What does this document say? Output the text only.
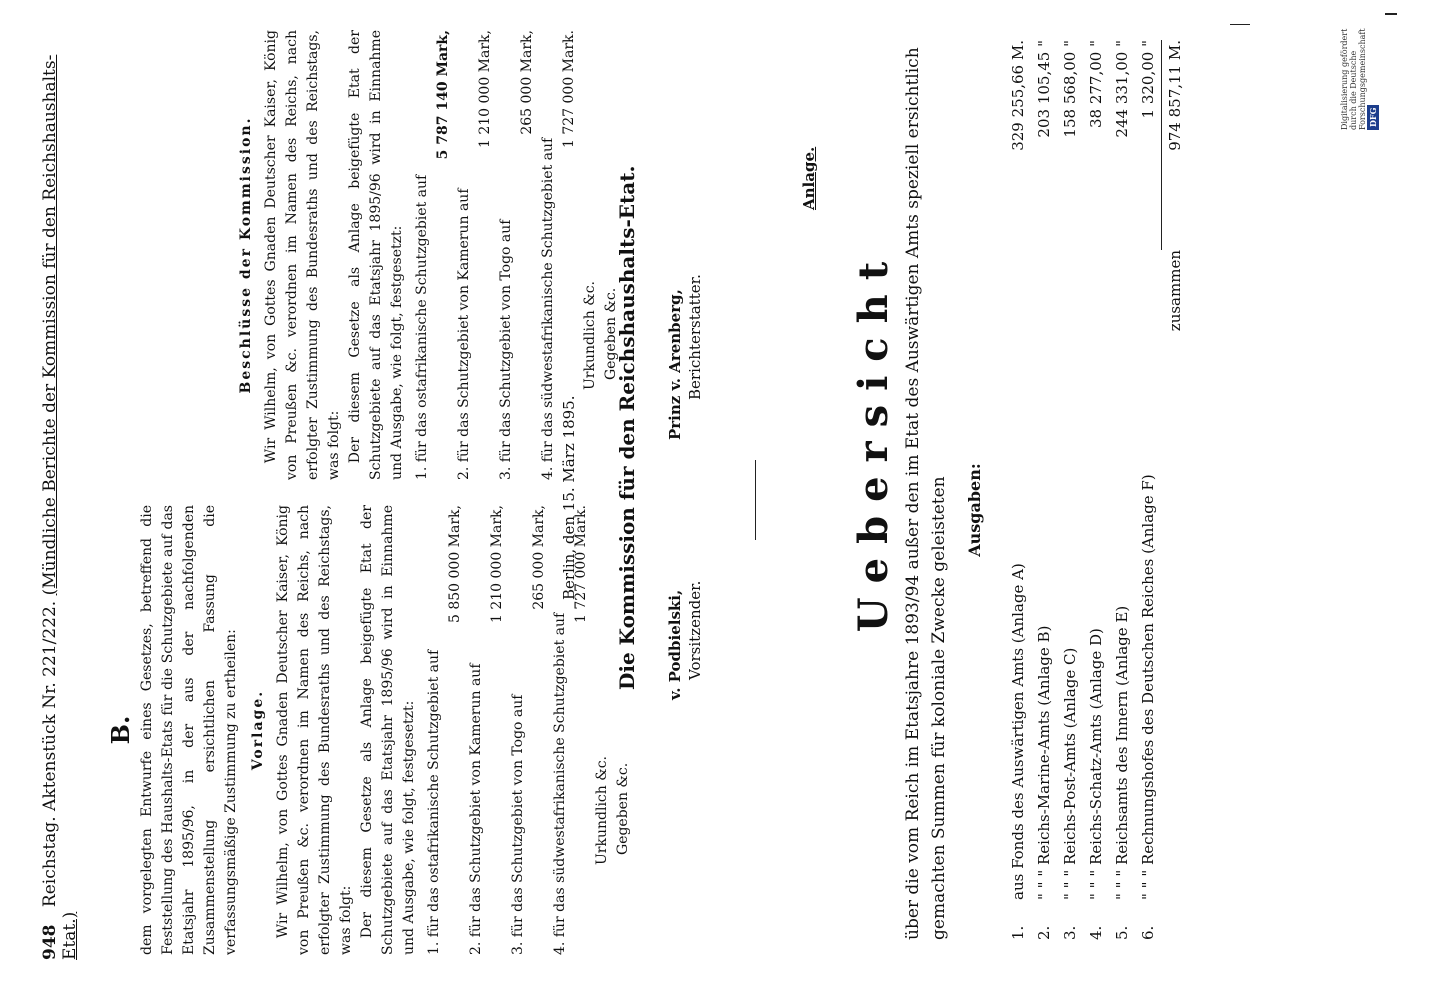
948 Reichstag. Aktenstück Nr. 221/222. (Mündliche Berichte der Kommission für den Reichshaushalts-Etat.)
B. dem vorgelegten Entwurfe eines Gesetzes, betreffend die Feststellung des Haushalts-Etats für die Schutzgebiete auf das Etatsjahr 1895/96, in der aus der nachfolgenden Zusammenstellung ersichtlichen Fassung die verfassungsmäßige Zustimmung zu ertheilen: Vorlage. Wir Wilhelm, von Gottes Gnaden Deutscher Kaiser, König von Preußen &c. verordnen im Namen des Reichs, nach erfolgter Zustimmung des Bundesraths und des Reichstags, was folgt: Der diesem Gesetze als Anlage beigefügte Etat der Schutzgebiete auf das Etatsjahr 1895/96 wird in Einnahme und Ausgabe, wie folgt, festgesetzt: 1. für das ostafrikanische Schutzgebiet auf
5 850 000 Mark,
2. für das Schutzgebiet von Kamerun auf
1 210 000 Mark,
3. für das Schutzgebiet von Togo auf
265 000 Mark,
4. für das südwestafrikanische Schutzgebiet auf
1 727 000 Mark.
Urkundlich &c. Gegeben &c.
Beschlüsse der Kommission. Wir Wilhelm, von Gottes Gnaden Deutscher Kaiser, König von Preußen &c. verordnen im Namen des Reichs, nach erfolgter Zustimmung des Bundesraths und des Reichstags, was folgt: Der diesem Gesetze als Anlage beigefügte Etat der Schutzgebiete auf das Etatsjahr 1895/96 wird in Einnahme und Ausgabe, wie folgt, festgesetzt: 1. für das ostafrikanische Schutzgebiet auf
5 787 140 Mark,
2. für das Schutzgebiet von Kamerun auf
1 210 000 Mark,
3. für das Schutzgebiet von Togo auf
265 000 Mark,
4. für das südwestafrikanische Schutzgebiet auf
1 727 000 Mark.
Urkundlich &c. Gegeben &c.
Berlin, den 15. März 1895. Die Kommission für den Reichshaushalts-Etat. v. Podbielski, Vorsitzender.
Prinz v. Arenberg, Berichterstatter.
Anlage.
Uebersicht über die vom Reich im Etatsjahre 1893/94 außer den im Etat des Auswärtigen Amts speziell ersichtlich gemachten Summen für koloniale Zwecke geleisteten Ausgaben:
1.
aus Fonds des Auswärtigen Amts (Anlage A)
329 255,66 M.
2.
" " " Reichs-Marine-Amts (Anlage B)
203 105,45 "
3.
" " " Reichs-Post-Amts (Anlage C)
158 568,00 "
4.
" " " Reichs-Schatz-Amts (Anlage D)
38 277,00 "
5.
" " " Reichsamts des Innern (Anlage E)
244 331,00 "
6.
" " " Rechnungshofes des Deutschen Reiches (Anlage F)
1 320,00 "
zusammen
974 857,11 M.	Digitalisierung gefördert durch die Deutsche Forschungsgemeinschaft DFG
